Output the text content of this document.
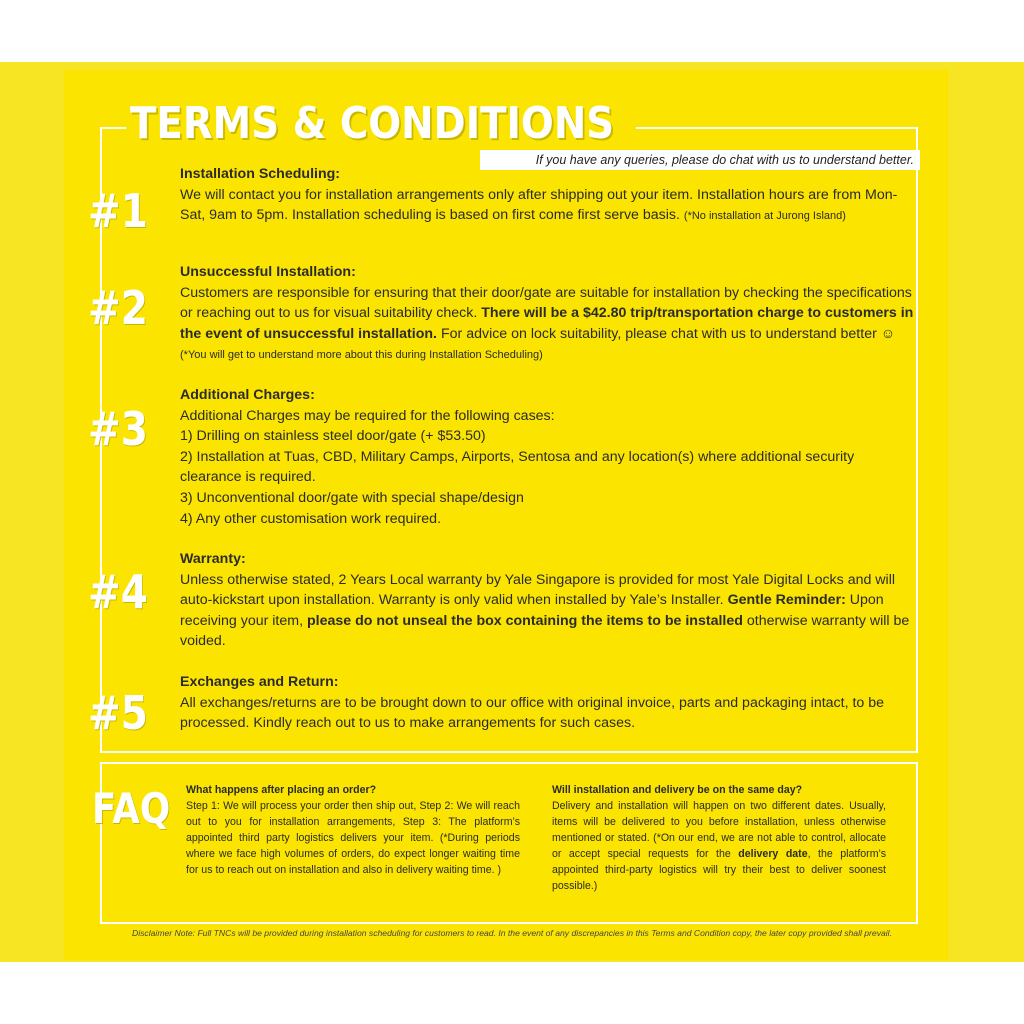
TERMS & CONDITIONS
If you have any queries, please do chat with us to understand better.
#1
Installation Scheduling:
We will contact you for installation arrangements only after shipping out your item. Installation hours are from Mon-Sat, 9am to 5pm. Installation scheduling is based on first come first serve basis. (*No installation at Jurong Island)
#2
Unsuccessful Installation:
Customers are responsible for ensuring that their door/gate are suitable for installation by checking the specifications or reaching out to us for visual suitability check. There will be a $42.80 trip/transportation charge to customers in the event of unsuccessful installation. For advice on lock suitability, please chat with us to understand better ☺ (*You will get to understand more about this during Installation Scheduling)
#3
Additional Charges:
Additional Charges may be required for the following cases:
1) Drilling on stainless steel door/gate (+ $53.50)
2) Installation at Tuas, CBD, Military Camps, Airports, Sentosa and any location(s) where additional security clearance is required.
3) Unconventional door/gate with special shape/design
4) Any other customisation work required.
#4
Warranty:
Unless otherwise stated, 2 Years Local warranty by Yale Singapore is provided for most Yale Digital Locks and will auto-kickstart upon installation. Warranty is only valid when installed by Yale’s Installer. Gentle Reminder: Upon receiving your item, please do not unseal the box containing the items to be installed otherwise warranty will be voided.
#5
Exchanges and Return:
All exchanges/returns are to be brought down to our office with original invoice, parts and packaging intact, to be processed. Kindly reach out to us to make arrangements for such cases.
FAQ What happens after placing an order?
Step 1: We will process your order then ship out, Step 2: We will reach out to you for installation arrangements, Step 3: The platform’s appointed third party logistics delivers your item. (*During periods where we face high volumes of orders, do expect longer waiting time for us to reach out on installation and also in delivery waiting time. )
Will installation and delivery be on the same day?
Delivery and installation will happen on two different dates. Usually, items will be delivered to you before installation, unless otherwise mentioned or stated. (*On our end, we are not able to control, allocate or accept special requests for the delivery date, the platform’s appointed third-party logistics will try their best to deliver soonest possible.)
Disclaimer Note: Full TNCs will be provided during installation scheduling for customers to read. In the event of any discrepancies in this Terms and Condition copy, the later copy provided shall prevail.
